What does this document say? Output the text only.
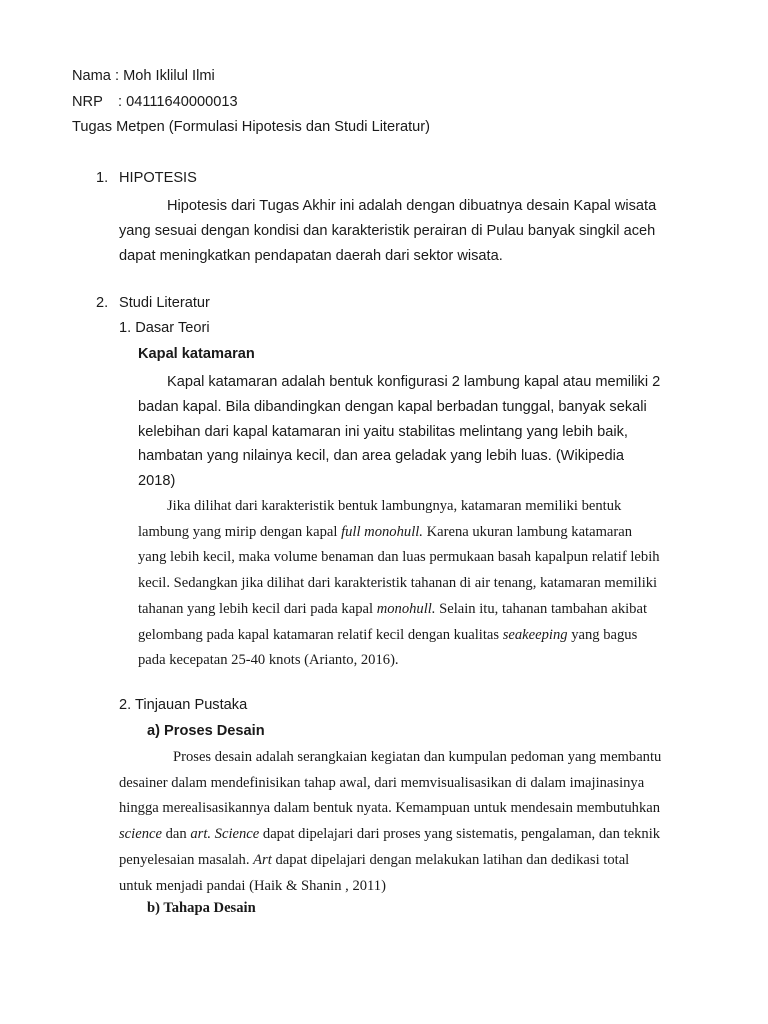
Nama : Moh Iklilul Ilmi
NRP : 04111640000013
Tugas Metpen (Formulasi Hipotesis dan Studi Literatur)
1. HIPOTESIS

Hipotesis dari Tugas Akhir ini adalah dengan dibuatnya desain Kapal wisata

yang sesuai dengan kondisi dan karakteristik perairan di Pulau banyak singkil aceh

dapat meningkatkan pendapatan daerah dari sektor wisata.

2. Studi Literatur
1. Dasar Teori
Kapal katamaran

Kapal katamaran adalah bentuk konfigurasi 2 lambung kapal atau memiliki 2

badan kapal. Bila dibandingkan dengan kapal berbadan tunggal, banyak sekali

kelebihan dari kapal katamaran ini yaitu stabilitas melintang yang lebih baik,

hambatan yang nilainya kecil, dan area geladak yang lebih luas. (Wikipedia

2018)

Jika dilihat dari karakteristik bentuk lambungnya, katamaran memiliki bentuk

lambung yang mirip dengan kapal full monohull. Karena ukuran lambung katamaran

yang lebih kecil, maka volume benaman dan luas permukaan basah kapalpun relatif lebih

kecil. Sedangkan jika dilihat dari karakteristik tahanan di air tenang, katamaran memiliki

tahanan yang lebih kecil dari pada kapal monohull. Selain itu, tahanan tambahan akibat

gelombang pada kapal katamaran relatif kecil dengan kualitas seakeeping yang bagus

pada kecepatan 25-40 knots (Arianto, 2016).

2. Tinjauan Pustaka
a) Proses Desain

Proses desain adalah serangkaian kegiatan dan kumpulan pedoman yang membantu

desainer dalam mendefinisikan tahap awal, dari memvisualisasikan di dalam imajinasinya

hingga merealisasikannya dalam bentuk nyata. Kemampuan untuk mendesain membutuhkan

science dan art. Science dapat dipelajari dari proses yang sistematis, pengalaman, dan teknik

penyelesaian masalah. Art dapat dipelajari dengan melakukan latihan dan dedikasi total

untuk menjadi pandai (Haik & Shanin , 2011)

b) Tahapa Desain
